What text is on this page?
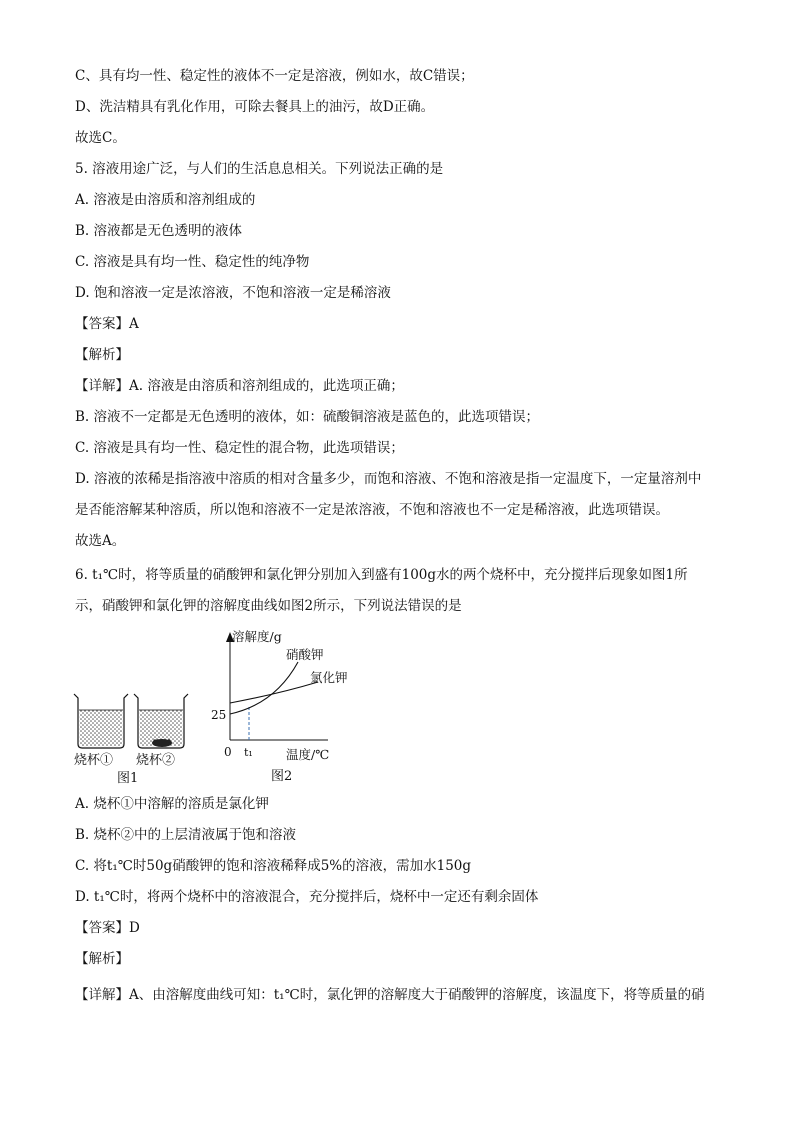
C、具有均一性、稳定性的液体不一定是溶液，例如水，故C错误；
D、洗洁精具有乳化作用，可除去餐具上的油污，故D正确。
故选C。
5. 溶液用途广泛，与人们的生活息息相关。下列说法正确的是
A. 溶液是由溶质和溶剂组成的
B. 溶液都是无色透明的液体
C. 溶液是具有均一性、稳定性的纯净物
D. 饱和溶液一定是浓溶液，不饱和溶液一定是稀溶液
【答案】A
【解析】
【详解】A. 溶液是由溶质和溶剂组成的，此选项正确；
B. 溶液不一定都是无色透明的液体，如：硫酸铜溶液是蓝色的，此选项错误；
C. 溶液是具有均一性、稳定性的混合物，此选项错误；
D. 溶液的浓稀是指溶液中溶质的相对含量多少，而饱和溶液、不饱和溶液是指一定温度下，一定量溶剂中
是否能溶解某种溶质，所以饱和溶液不一定是浓溶液，不饱和溶液也不一定是稀溶液，此选项错误。
故选A。
6. t₁℃时，将等质量的硝酸钾和氯化钾分别加入到盛有100g水的两个烧杯中，充分搅拌后现象如图1所
示，硝酸钾和氯化钾的溶解度曲线如图2所示，下列说法错误的是
烧杯① 烧杯②
图1
溶解度/g
温度/℃
0
25
t₁
硝酸钾
氯化钾
图2
A. 烧杯①中溶解的溶质是氯化钾
B. 烧杯②中的上层清液属于饱和溶液
C. 将t₁℃时50g硝酸钾的饱和溶液稀释成5%的溶液，需加水150g
D. t₁℃时，将两个烧杯中的溶液混合，充分搅拌后，烧杯中一定还有剩余固体
【答案】D
【解析】
【详解】A、由溶解度曲线可知：t₁℃时，氯化钾的溶解度大于硝酸钾的溶解度，该温度下，将等质量的硝
